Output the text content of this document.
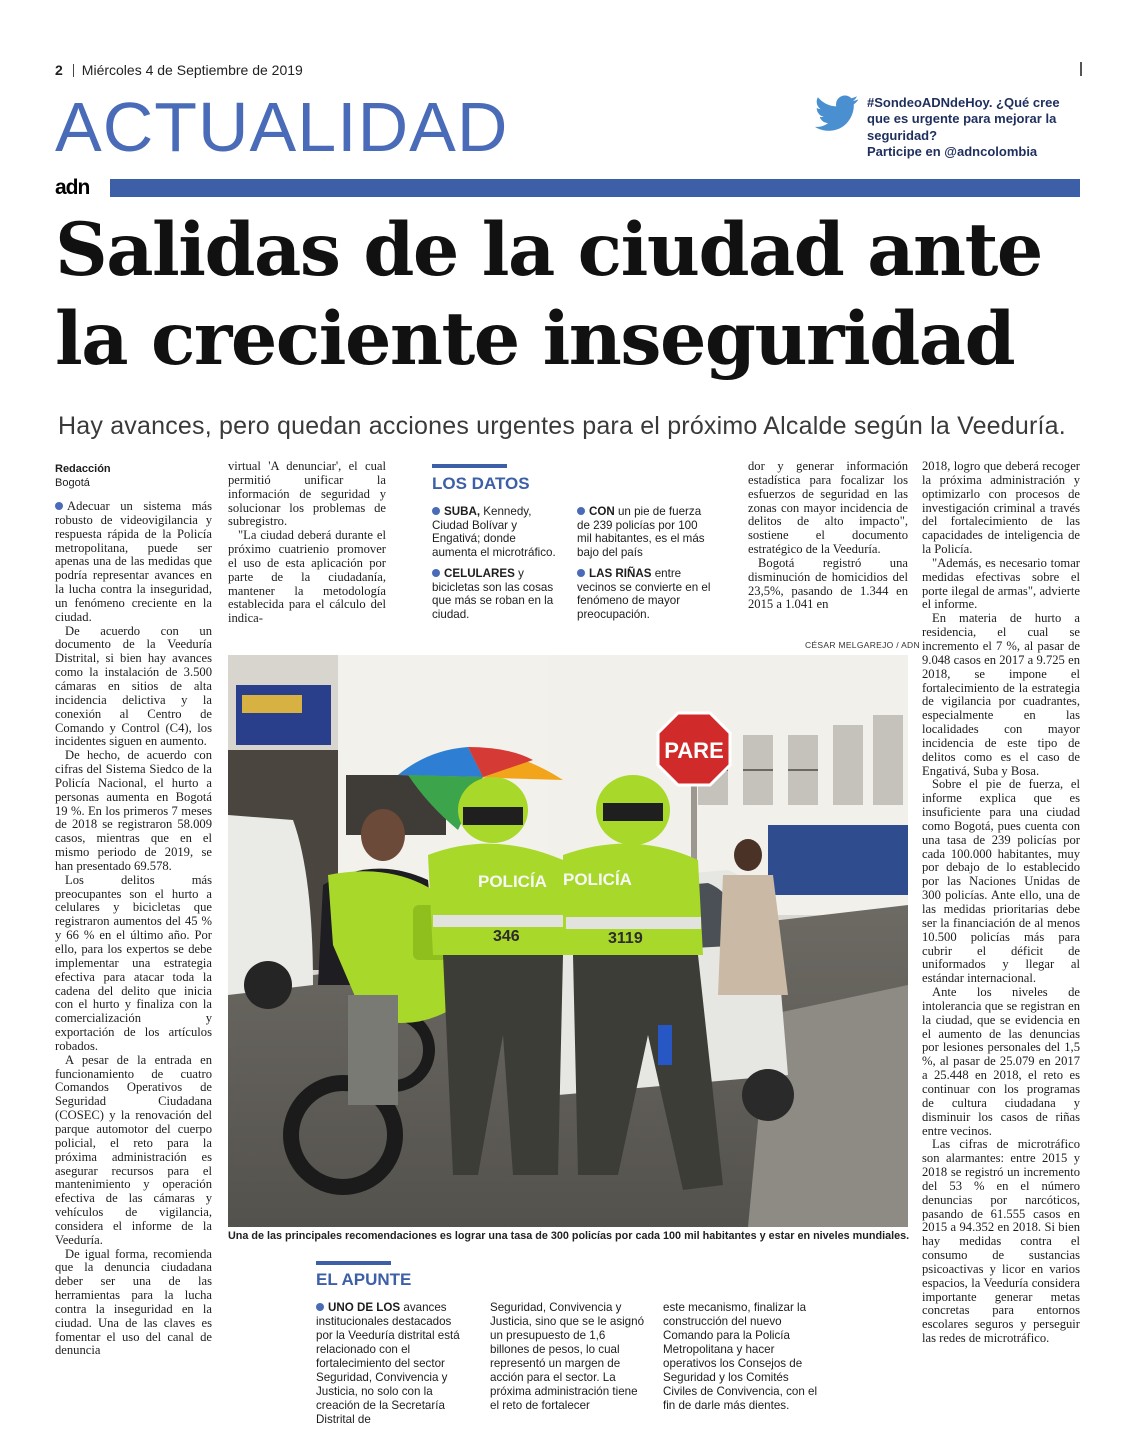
2 Miércoles 4 de Septiembre de 2019
ACTUALIDAD	#SondeoADNdeHoy. ¿Qué cree que es urgente para mejorar la seguridad?
Participe en @adncolombia
adn
Salidas de la ciudad ante
la creciente inseguridad
Hay avances, pero quedan acciones urgentes para el próximo Alcalde según la Veeduría.
Redacción
Bogotá

Adecuar un sistema más robusto de videovigilancia y respuesta rápida de la Policía metropolitana, puede ser apenas una de las medidas que podría representar avances en la lucha contra la inseguridad, un fenómeno creciente en la ciudad.

De acuerdo con un documento de la Veeduría Distrital, si bien hay avances como la instalación de 3.500 cámaras en sitios de alta incidencia delictiva y la conexión al Centro de Comando y Control (C4), los incidentes siguen en aumento.

De hecho, de acuerdo con cifras del Sistema Siedco de la Policía Nacional, el hurto a personas aumenta en Bogotá 19 %. En los primeros 7 meses de 2018 se registraron 58.009 casos, mientras que en el mismo periodo de 2019, se han presentado 69.578.

Los delitos más preocupantes son el hurto a celulares y bicicletas que registraron aumentos del 45 % y 66 % en el último año. Por ello, para los expertos se debe implementar una estrategia efectiva para atacar toda la cadena del delito que inicia con el hurto y finaliza con la comercialización y exportación de los artículos robados.

A pesar de la entrada en funcionamiento de cuatro Comandos Operativos de Seguridad Ciudadana (COSEC) y la renovación del parque automotor del cuerpo policial, el reto para la próxima administración es asegurar recursos para el mantenimiento y operación efectiva de las cámaras y vehículos de vigilancia, considera el informe de la Veeduría.

De igual forma, recomienda que la denuncia ciudadana deber ser una de las herramientas para la lucha contra la inseguridad en la ciudad. Una de las claves es fomentar el uso del canal de denuncia

virtual 'A denunciar', el cual permitió unificar la información de seguridad y solucionar los problemas de subregistro.

"La ciudad deberá durante el próximo cuatrienio promover el uso de esta aplicación por parte de la ciudadanía, mantener la metodología establecida para el cálculo del indica-

LOS DATOS
SUBA, Kennedy, Ciudad Bolívar y Engativá; donde aumenta el microtráfico.
CON un pie de fuerza de 239 policías por 100 mil habitantes, es el más bajo del país
CELULARES y bicicletas son las cosas que más se roban en la ciudad.
LAS RIÑAS entre vecinos se convierte en el fenómeno de mayor preocupación.

dor y generar información estadística para focalizar los esfuerzos de seguridad en las zonas con mayor incidencia de delitos de alto impacto", sostiene el documento estratégico de la Veeduría.

Bogotá registró una disminución de homicidios del 23,5%, pasando de 1.344 en 2015 a 1.041 en

2018, logro que deberá recoger la próxima administración y optimizarlo con procesos de investigación criminal a través del fortalecimiento de las capacidades de inteligencia de la Policía.

"Además, es necesario tomar medidas efectivas sobre el porte ilegal de armas", advierte el informe.

En materia de hurto a residencia, el cual se incremento el 7 %, al pasar de 9.048 casos en 2017 a 9.725 en 2018, se impone el fortalecimiento de la estrategia de vigilancia por cuadrantes, especialmente en las localidades con mayor incidencia de este tipo de delitos como es el caso de Engativá, Suba y Bosa.

Sobre el pie de fuerza, el informe explica que es insuficiente para una ciudad como Bogotá, pues cuenta con una tasa de 239 policías por cada 100.000 habitantes, muy por debajo de lo establecido por las Naciones Unidas de 300 policías. Ante ello, una de las medidas prioritarias debe ser la financiación de al menos 10.500 policías más para cubrir el déficit de uniformados y llegar al estándar internacional.

Ante los niveles de intolerancia que se registran en la ciudad, que se evidencia en el aumento de las denuncias por lesiones personales del 1,5 %, al pasar de 25.079 en 2017 a 25.448 en 2018, el reto es continuar con los programas de cultura ciudadana y disminuir los casos de riñas entre vecinos.

Las cifras de microtráfico son alarmantes: entre 2015 y 2018 se registró un incremento del 53 % en el número denuncias por narcóticos, pasando de 61.555 casos en 2015 a 94.352 en 2018. Si bien hay medidas contra el consumo de sustancias psicoactivas y licor en varios espacios, la Veeduría considera importante generar metas concretas para entornos escolares seguros y perseguir las redes de microtráfico.

CÉSAR MELGAREJO / ADN
PARE
POLICÍA
346
POLICÍA
3119
Una de las principales recomendaciones es lograr una tasa de 300 policías por cada 100 mil habitantes y estar en niveles mundiales.
EL APUNTE
UNO DE LOS avances institucionales destacados por la Veeduría distrital está relacionado con el fortalecimiento del sector Seguridad, Convivencia y Justicia, no solo con la creación de la Secretaría Distrital de
Seguridad, Convivencia y Justicia, sino que se le asignó un presupuesto de 1,6 billones de pesos, lo cual representó un margen de acción para el sector. La próxima administración tiene el reto de fortalecer
este mecanismo, finalizar la construcción del nuevo Comando para la Policía Metropolitana y hacer operativos los Consejos de Seguridad y los Comités Civiles de Convivencia, con el fin de darle más dientes.
